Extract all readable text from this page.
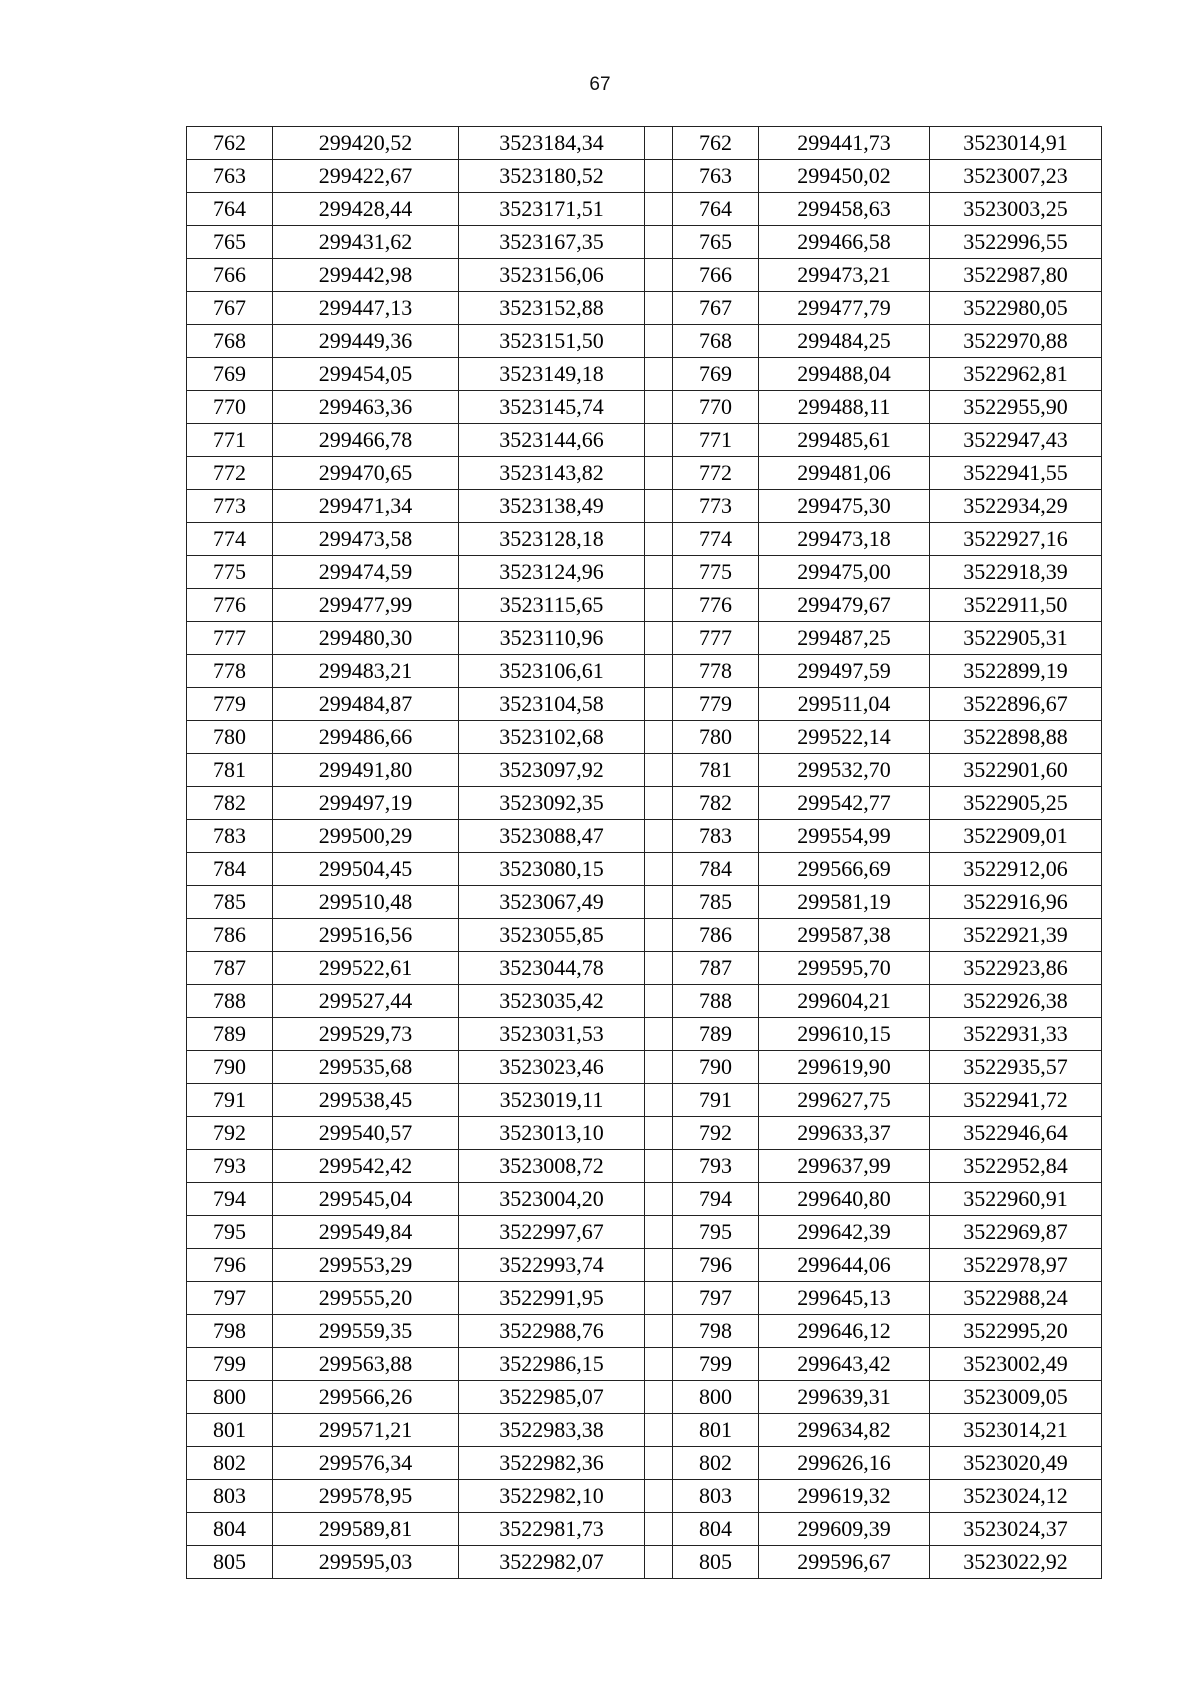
67
762	299420,52	3523184,34		762	299441,73	3523014,91
763	299422,67	3523180,52		763	299450,02	3523007,23
764	299428,44	3523171,51		764	299458,63	3523003,25
765	299431,62	3523167,35		765	299466,58	3522996,55
766	299442,98	3523156,06		766	299473,21	3522987,80
767	299447,13	3523152,88		767	299477,79	3522980,05
768	299449,36	3523151,50		768	299484,25	3522970,88
769	299454,05	3523149,18		769	299488,04	3522962,81
770	299463,36	3523145,74		770	299488,11	3522955,90
771	299466,78	3523144,66		771	299485,61	3522947,43
772	299470,65	3523143,82		772	299481,06	3522941,55
773	299471,34	3523138,49		773	299475,30	3522934,29
774	299473,58	3523128,18		774	299473,18	3522927,16
775	299474,59	3523124,96		775	299475,00	3522918,39
776	299477,99	3523115,65		776	299479,67	3522911,50
777	299480,30	3523110,96		777	299487,25	3522905,31
778	299483,21	3523106,61		778	299497,59	3522899,19
779	299484,87	3523104,58		779	299511,04	3522896,67
780	299486,66	3523102,68		780	299522,14	3522898,88
781	299491,80	3523097,92		781	299532,70	3522901,60
782	299497,19	3523092,35		782	299542,77	3522905,25
783	299500,29	3523088,47		783	299554,99	3522909,01
784	299504,45	3523080,15		784	299566,69	3522912,06
785	299510,48	3523067,49		785	299581,19	3522916,96
786	299516,56	3523055,85		786	299587,38	3522921,39
787	299522,61	3523044,78		787	299595,70	3522923,86
788	299527,44	3523035,42		788	299604,21	3522926,38
789	299529,73	3523031,53		789	299610,15	3522931,33
790	299535,68	3523023,46		790	299619,90	3522935,57
791	299538,45	3523019,11		791	299627,75	3522941,72
792	299540,57	3523013,10		792	299633,37	3522946,64
793	299542,42	3523008,72		793	299637,99	3522952,84
794	299545,04	3523004,20		794	299640,80	3522960,91
795	299549,84	3522997,67		795	299642,39	3522969,87
796	299553,29	3522993,74		796	299644,06	3522978,97
797	299555,20	3522991,95		797	299645,13	3522988,24
798	299559,35	3522988,76		798	299646,12	3522995,20
799	299563,88	3522986,15		799	299643,42	3523002,49
800	299566,26	3522985,07		800	299639,31	3523009,05
801	299571,21	3522983,38		801	299634,82	3523014,21
802	299576,34	3522982,36		802	299626,16	3523020,49
803	299578,95	3522982,10		803	299619,32	3523024,12
804	299589,81	3522981,73		804	299609,39	3523024,37
805	299595,03	3522982,07		805	299596,67	3523022,92
